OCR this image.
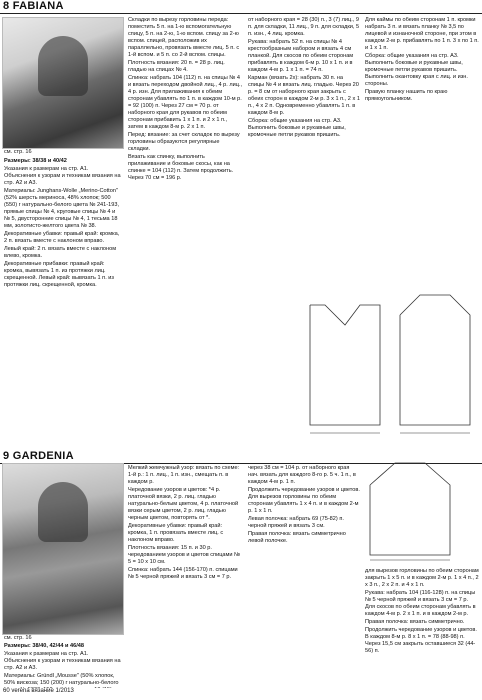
8 FABIANA
9 GARDENIA

см. стр. 16

см. стр. 16

Размеры: 38/38 и 40/42

Указания к размерам на стр. А1. Объяснения к узорам и техникам вязания на стр. А2 и А3.

Материалы: Junghans-Wolle „Merino-Cotton" (52% шерсть мериноса, 48% хлопок; 500 (550) г натурально-белого цвета № 241-193, прямые спицы № 4, круговые спицы № 4 и № 5, двусторонние спицы № 4, 1 тесьма 18 мм, золотисто-желтого цвета № 38.

Декоративные убавки: правый край: кромка, 2 п. вязать вместе с наклоном вправо.

Левый край: 2 п. вязать вместе с наклоном влево, кромка.

Декоративные прибавки: правый край: кромка, вывязать 1 п. из протяжки лиц. скрещенной. Левый край: вывязать 1 п. из протяжки лиц. скрещенной, кромка.

Складки по вырезу горловины переда: поместить 5 п. на 1-ю вспомогательную спицу, 5 п. на 2-ю, 1-ю вспом. спицу за 2-ю вспом. спицей, расположив их параллельно, провязать вместе лиц. 5 п. с 1-й вспом. и 5 п. со 2-й вспом. спицы.

Плотность вязания: 20 п. = 28 р. лиц. гладью на спицах № 4.

Спинка: набрать 104 (112) п. на спицы № 4 и вязать переходом двойной лиц., 4 р. лиц., 4 р. изн. Для прилаживания к обеим сторонам убавлять по 1 п. в каждом 10-м р. = 92 (100) п. Через 27 см = 70 р. от наборного края для рукавов по обеим сторонам прибавить 1 х 1 п. и 2 х 1 п., затем в каждом 8-м р. 2 х 1 п.

Перед: вязание: за счет складок по вырезу горловины образуются регулярные складки.

Вязать как спинку, выполнить прилаживание и боковые скосы, как на спинке = 104 (112) п. Затем продолжить. Через 70 см = 196 р.

от наборного края = 28 (30) п., 3 (7) лиц., 9 п. для складки, 11 лиц., 9 п. для складки, 5 п. изн., 4 лиц. кромка.

Рукава: набрать 52 п. на спицы № 4 крестообразным набором и вязать 4 см планкой. Для скосов по обеим сторонам прибавлять в каждом 6-м р. 10 х 1 п. и в каждом 4-м р. 1 х 1 п. = 74 п.

Карман (вязать 2х): набрать 30 п. на спицы № 4 и вязать лиц. гладью. Через 20 р. = 8 см от наборного края закрыть с обеих сторон в каждом 2-м р. 3 х 1 п., 2 х 1 п., 4 х 2 п. Одновременно убавлять 1 п. в каждом 8-м р.

Сборка: общие указания на стр. А3. Выполнить боковые и рукавные швы, кромочные петли рукавов пришить.

Для каймы по обеим сторонам 1 п. кромки набрать 3 п. и вязать планку № 3,5 по лицевой и изнаночной стороне, при этом в каждом 2-м р. прибавлять по 1 п. 3 х по 1 п. и 1 х 1 п.

Сборка: общие указания на стр. А3. Выполнить боковые и рукавные швы, кромочные петли рукавов пришить. Выполнить окантовку края с лиц. и изн. стороны.

Правую планку нашить по краю прямоугольником.

Размеры: 38/40, 42/44 и 46/48

Указания к размерам на стр. А1. Объяснения к узорам и техникам вязания на стр. А2 и А3.

Материалы: Gründl „Mousse" (50% хлопок, 50% вискоза; 150 (200) г натурально-белого

Мелкий жемчужный узор: вязать по схеме: 1-й р.: 1 п. лиц., 1 п. изн., смещать п. в каждом р.

Чередование узоров и цветов: *4 р. платочной вязки, 2 р. лиц. гладью натурально-белым цветом, 4 р. платочной вязки серым цветом, 2 р. лиц. гладью черным цветом, повторять от *.

Декоративные убавки: правый край: кромка, 1 п. провязать вместе лиц. с наклоном вправо.

Плотность вязания: 15 п. и 30 р. чередованием узоров и цветов спицами № 5 = 10 х 10 см.

Спинка: набрать 144 (156-170) п. спицами № 5 черной пряжей и вязать 3 см = 7 р.

через 38 см = 104 р. от наборного края нач. вязать для каждого 8-го р. 5 ч. 1 п., в каждом 4-м р. 1 п.

Продолжить чередование узоров и цветов. Для вырезов горловины по обеим сторонам убавлять 1 х 4 п. и в каждом 2-м р. 1 х 1 п.

Левая полочка: набрать 69 (75-82) п. черной пряжей и вязать 3 см.

Правая полочка: вязать симметрично левой полочке.

для вырезов горловины по обеим сторонам закрыть 1 х 5 п. и в каждом 2-м р. 1 х 4 п., 2 х 3 п., 2 х 2 п. и 4 х 1 п.

Рукава: набрать 104 (116-128) п. на спицы № 5 черной пряжей и вязать 3 см = 7 р. Для скосов по обеим сторонам убавлять в каждом 4-м р. 2 х 1 п. и в каждом 2-м р.

Правая полочка: вязать симметрично.

Продолжить чередование узоров и цветов. В каждом 8-м р. 8 х 1 п. = 78 (88-98) п. Через 15,5 см закрыть оставшиеся 32 (44-56) п.

60 verena вязание 1/2013
